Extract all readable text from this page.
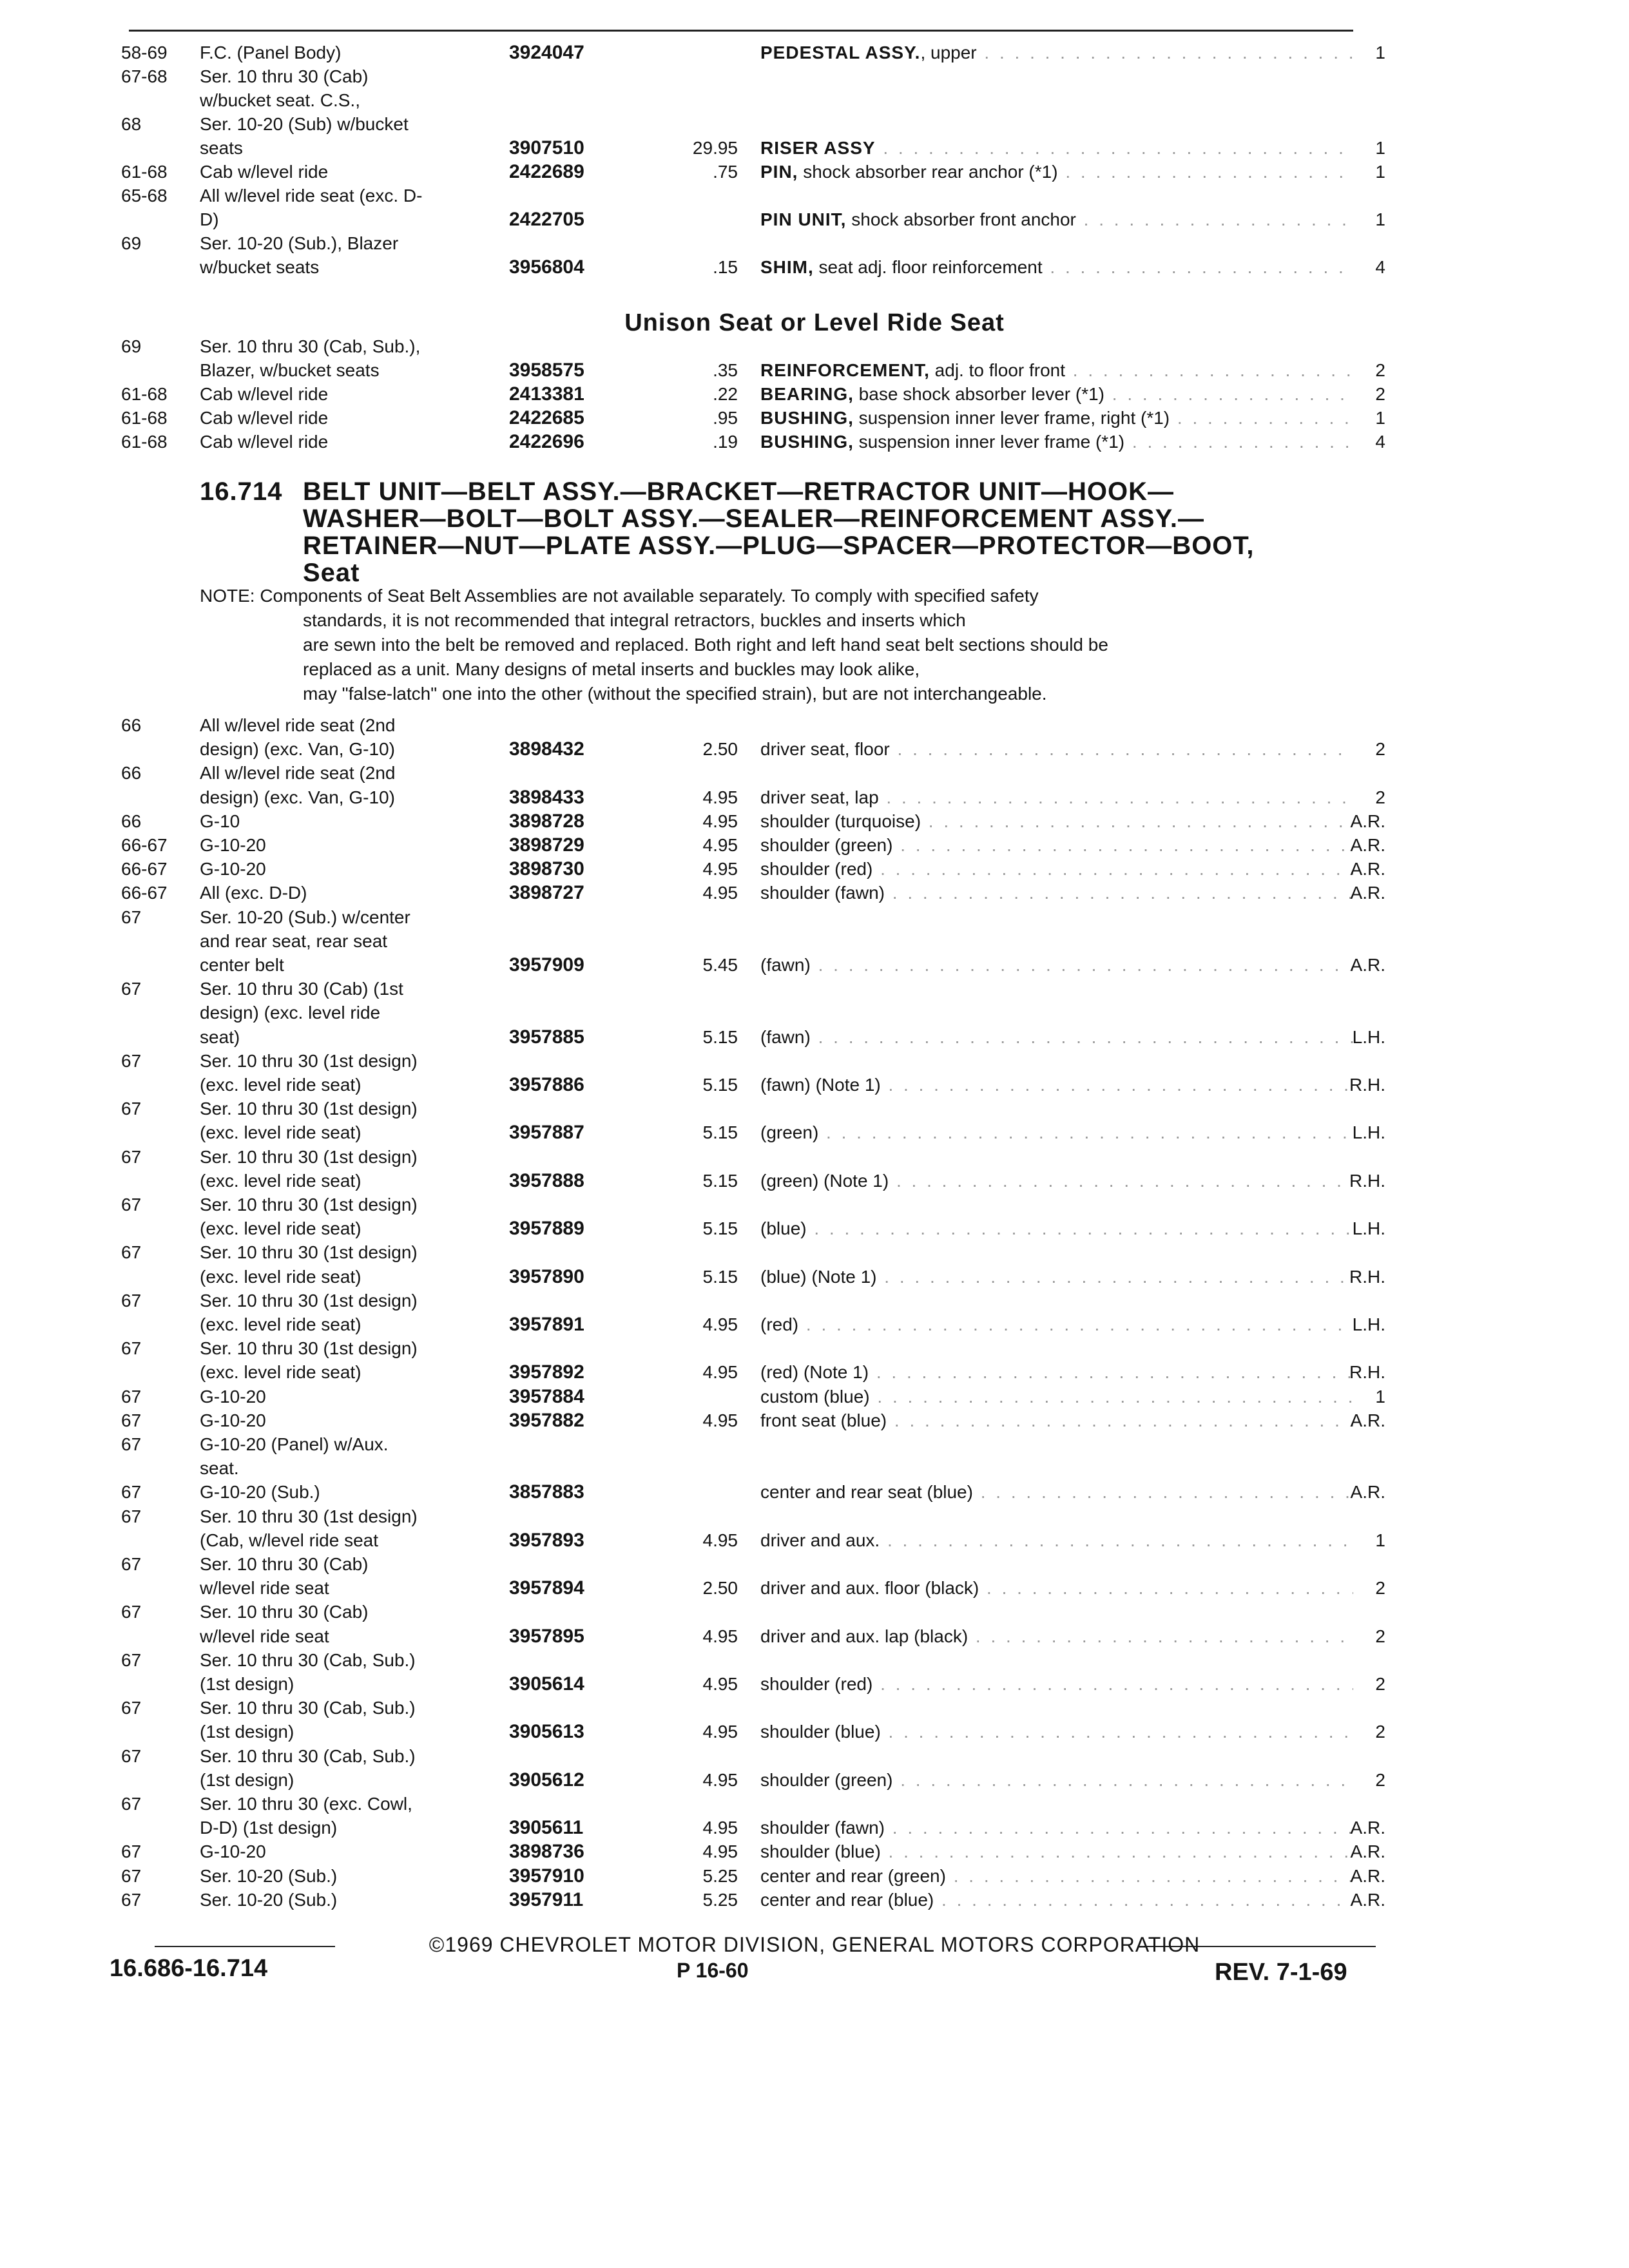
58-69 F.C. (Panel Body)	3924047	PEDESTAL ASSY., upper . . .	1
67-68 Ser. 10 thru 30 (Cab)
w/bucket seat. C.S.,
68	Ser. 10-20 (Sub) w/bucket
seats	3907510	29.95 RISER ASSY . . .	1
61-68 Cab w/level ride	2422689	.75 PIN, shock absorber rear anchor (*1) . . .	1
65-68 All w/level ride seat (exc. D-
D)	2422705	PIN UNIT, shock absorber front anchor . . .	1
69	Ser. 10-20 (Sub.), Blazer
w/bucket seats	3956804	.15 SHIM, seat adj. floor reinforcement . . .	4
69	Ser. 10 thru 30 (Cab, Sub.),
Blazer, w/bucket seats	3958575	.35 REINFORCEMENT, adj. to floor front . . .	2
61-68 Cab w/level ride	2413381	.22 BEARING, base shock absorber lever (*1) . . .	2
61-68 Cab w/level ride	2422685	.95 BUSHING, suspension inner lever frame, right (*1) . . .	1
61-68 Cab w/level ride	2422696	.19 BUSHING, suspension inner lever frame (*1) . . .	4
66	All w/level ride seat (2nd
design) (exc. Van, G-10)	3898432	2.50 driver seat, floor . . .	2
66	All w/level ride seat (2nd
design) (exc. Van, G-10)	3898433	4.95 driver seat, lap . . .	2
66	G-10	3898728	4.95 shoulder (turquoise) . . .	A.R.
66-67 G-10-20	3898729	4.95 shoulder (green) . . .	A.R.
66-67 G-10-20	3898730	4.95 shoulder (red) . . .	A.R.
66-67 All (exc. D-D)	3898727	4.95 shoulder (fawn) . . .	A.R.
67	Ser. 10-20 (Sub.) w/center
and rear seat, rear seat
center belt	3957909	5.45 (fawn) . . .	A.R.
67	Ser. 10 thru 30 (Cab) (1st
design) (exc. level ride
seat)	3957885	5.15 (fawn) . . .	L.H.
67	Ser. 10 thru 30 (1st design)
(exc. level ride seat)	3957886	5.15 (fawn) (Note 1) . . .	R.H.
67	Ser. 10 thru 30 (1st design)
(exc. level ride seat)	3957887	5.15 (green) . . .	L.H.
67	Ser. 10 thru 30 (1st design)
(exc. level ride seat)	3957888	5.15 (green) (Note 1) . . .	R.H.
67	Ser. 10 thru 30 (1st design)
(exc. level ride seat)	3957889	5.15 (blue) . . .	L.H.
67	Ser. 10 thru 30 (1st design)
(exc. level ride seat)	3957890	5.15 (blue) (Note 1) . . .	R.H.
67	Ser. 10 thru 30 (1st design)
(exc. level ride seat)	3957891	4.95 (red) . . .	L.H.
67	Ser. 10 thru 30 (1st design)
(exc. level ride seat)	3957892	4.95 (red) (Note 1) . . .	R.H.
67	G-10-20	3957884	custom (blue) . . .	1
67	G-10-20	3957882	4.95 front seat (blue) . . .	A.R.
67	G-10-20 (Panel) w/Aux.
seat.
67	G-10-20 (Sub.)	3857883	center and rear seat (blue) . . .	A.R.
67	Ser. 10 thru 30 (1st design)
(Cab, w/level ride seat	3957893	4.95 driver and aux. . . .	1
67	Ser. 10 thru 30 (Cab)
w/level ride seat	3957894	2.50 driver and aux. floor (black) . . .	2
67	Ser. 10 thru 30 (Cab)
w/level ride seat	3957895	4.95 driver and aux. lap (black) . . .	2
67	Ser. 10 thru 30 (Cab, Sub.)
(1st design)	3905614	4.95 shoulder (red) . . .	2
67	Ser. 10 thru 30 (Cab, Sub.)
(1st design)	3905613	4.95 shoulder (blue) . . .	2
67	Ser. 10 thru 30 (Cab, Sub.)
(1st design)	3905612	4.95 shoulder (green) . . .	2
67	Ser. 10 thru 30 (exc. Cowl,
D-D) (1st design)	3905611	4.95 shoulder (fawn) . . .	A.R.
67	G-10-20	3898736	4.95 shoulder (blue) . . .	A.R.
67	Ser. 10-20 (Sub.)	3957910	5.25 center and rear (green) . . .	A.R.
67	Ser. 10-20 (Sub.)	3957911	5.25 center and rear (blue) . . .	A.R.
Unison Seat or Level Ride Seat
16.714 BELT UNIT—BELT ASSY.—BRACKET—RETRACTOR UNIT—HOOK—
WASHER—BOLT—BOLT ASSY.—SEALER—REINFORCEMENT ASSY.—
RETAINER—NUT—PLATE ASSY.—PLUG—SPACER—PROTECTOR—BOOT,
Seat
NOTE: Components of Seat Belt Assemblies are not available separately. To comply with specified safety
standards, it is not recommended that integral retractors, buckles and inserts which
are sewn into the belt be removed and replaced. Both right and left hand seat belt sections should be
replaced as a unit. Many designs of metal inserts and buckles may look alike,
may "false-latch" one into the other (without the specified strain), but are not interchangeable.
©1969 CHEVROLET MOTOR DIVISION, GENERAL MOTORS CORPORATION
16.686-16.714	P 16-60	REV. 7-1-69
